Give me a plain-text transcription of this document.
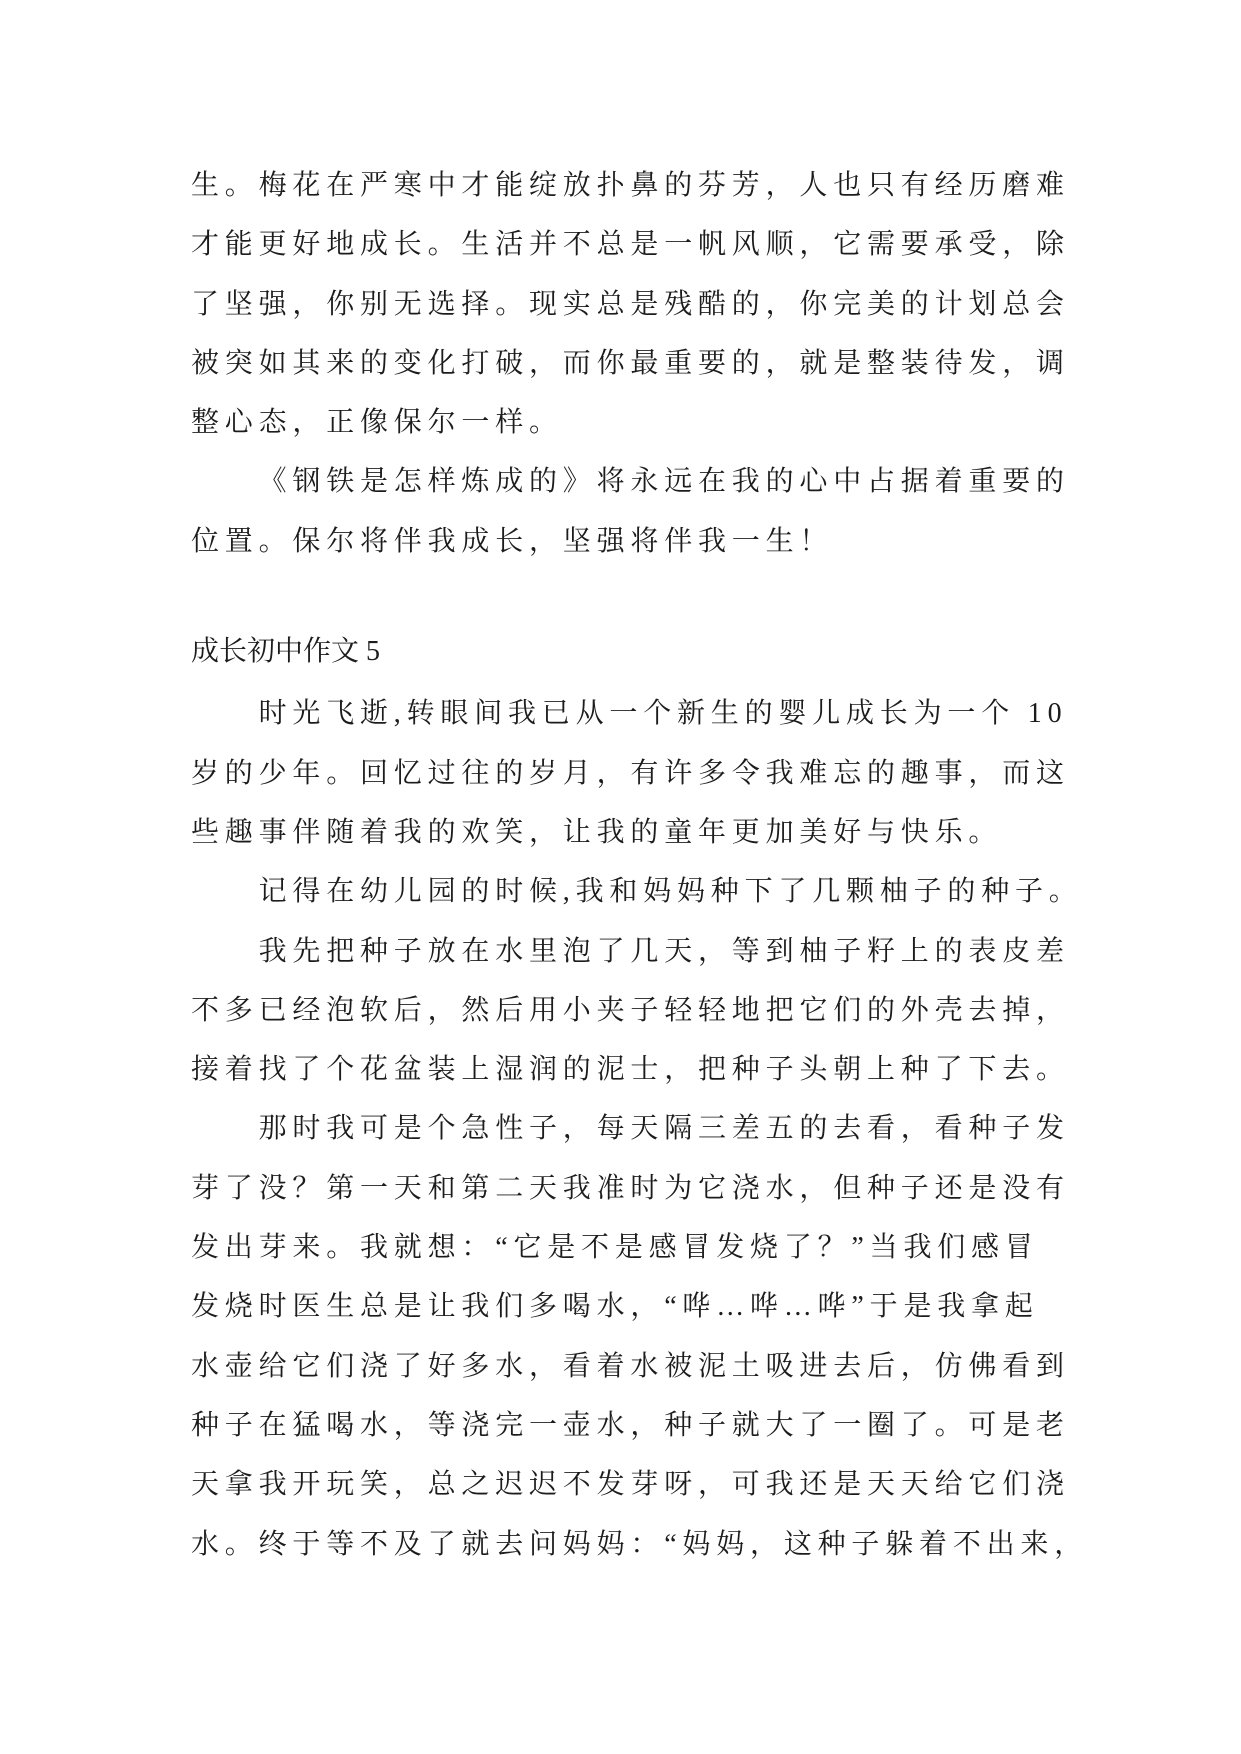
生。梅花在严寒中才能绽放扑鼻的芬芳，人也只有经历磨难
才能更好地成长。生活并不总是一帆风顺，它需要承受，除
了坚强，你别无选择。现实总是残酷的，你完美的计划总会
被突如其来的变化打破，而你最重要的，就是整装待发，调
整心态，正像保尔一样。
《钢铁是怎样炼成的》将永远在我的心中占据着重要的
位置。保尔将伴我成长，坚强将伴我一生！
成长初中作文 5
时光飞逝,转眼间我已从一个新生的婴儿成长为一个 10
岁的少年。回忆过往的岁月，有许多令我难忘的趣事，而这
些趣事伴随着我的欢笑，让我的童年更加美好与快乐。
记得在幼儿园的时候,我和妈妈种下了几颗柚子的种子。
我先把种子放在水里泡了几天，等到柚子籽上的表皮差
不多已经泡软后，然后用小夹子轻轻地把它们的外壳去掉，
接着找了个花盆装上湿润的泥士，把种子头朝上种了下去。
那时我可是个急性子，每天隔三差五的去看，看种子发
芽了没？第一天和第二天我准时为它浇水，但种子还是没有
发出芽来。我就想：“它是不是感冒发烧了？”当我们感冒
发烧时医生总是让我们多喝水，“哗…哗…哗”于是我拿起
水壶给它们浇了好多水，看着水被泥土吸进去后，仿佛看到
种子在猛喝水，等浇完一壶水，种子就大了一圈了。可是老
天拿我开玩笑，总之迟迟不发芽呀，可我还是天天给它们浇
水。终于等不及了就去问妈妈：“妈妈，这种子躲着不出来，
